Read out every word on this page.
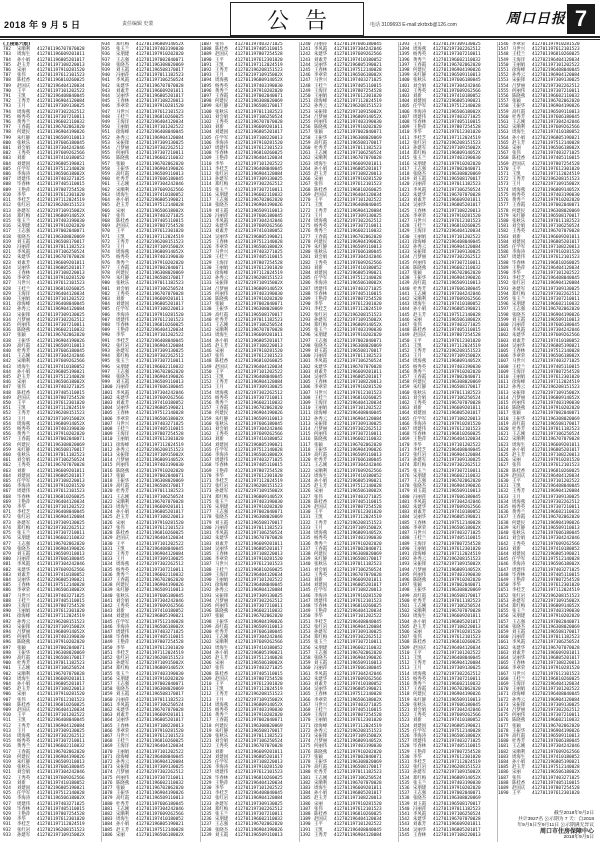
2018 年 9 月 5 日	责任编辑 史蒙	公告	电话 3109693 E-mail:zkrbxb@126.com	周口日报 7
(上接第六版)
782 宋顺利 412701196707070028
783 周海生 412701196609201011
784 孙小娟 412701196805201017
785 赵玉芳 412701197108220013
786 宋丽	412701197910281520
787 张伟	412701197612101523
788 陈桂香 412701196810260025
789 赵国庆 412702196404120034
790 王平	412701197101202522
791 王凯	412702196408040045
792 王秀芳 412701196904120084
793 王月	412701197309130025
794 周海燕 412702197302262512
795 杨秀英 412701197307210011
796 黄秀兰 412701196602110032
797 王春霞 412701196702062020
798 何建民 412701196904190026
799 朱红静 412701196509110013
800 张秋乐 412701197606180045
801 刘会娟 412701197304242046
802 王秀英 412701197609262566
803 刘新	412701197410180052
804 刘建国 412702196805190021
805 任学军 412701197512140028
806 李海涛 41270119650618002X
807 周建伟 412701197403271025
808 毕春林 412701197405110015
809 王艳萍 412701197807254528
810 李华	412701197612301020
811 李桂芝 412701197112024519
812 张红岩 412702196208151523
813 孙建军 41270219710915002X
814 郑红梅 41270119680914052X
815 张玉兰 412701197403190030
816 宋朋建 412701197910202020
817 王志强 412701197002040071
818 张晓杰 412701196308020069
819 刘玉霞 412701196508170017
820 冯丽萍 412701197011182523
821 李凤霞 412701197106250524
822 朱建华 412701196707070028
823 刘素芳 412701196609201011
824 吴丽华 412701196805201017
825 王春林 412701197108220013
826 李翠荣 412701197910281520
827 马世兴 412701197612101523
828 王桂兰 412701196810260025
829 王海洋 412702196404120034
830 王丽娟 412701197101202522
831 徐海峰 412702196408040045
832 孙秀云 412701196904120084
833 宋振锋 412701197309130025
834 吕梦丽 412702197302262512
835 何丽伟 412701197307210011
836 陈晓燕 412701196602110032
837 张颖	412701196702062020
838 王振华 412701196904190026
839 高红霞 412701196509110013
840 杜秀芳 412701197606180045
841 王志刚 412701197304242046
842 宋顺利 412701197609262566
843 周海生 412701197410180052
844 孙小娟 412702196805190021
845 赵玉芳 412701197512140028
846 宋丽	41270119650618002X
847 张伟	412701197403271025
848 陈桂香 412701197405110015
849 赵国庆 412701197807254528
850 王平	412701197612301020
851 王凯	412701197112024519
852 王秀芳 412702196208151523
853 王月	41270219710915002X
854 周海燕 41270119680914052X
855 杨秀英 412701197403190030
856 黄秀兰 412701197910202020
857 王春霞 412701197002040071
858 何建民 412701196308020069
859 朱红静 412701196508170017
860 张秋乐 412701197011182523
861 刘会娟 412701197106250524
862 王秀英 412701196707070028
863 刘新	412701196609201011
864 刘建国 412701196805201017
865 任学军 412701197108220013
866 李海涛 412701197910281520
867 周建伟 412701197612101523
868 毕春林 412701196810260025
869 王艳萍 412702196404120034
870 李华	412701197101202522
871 李桂芝 412702196408040045
872 张红岩 412701196904120084
873 孙建军 412701197309130025
874 郑红梅 412702197302262512
875 张玉兰 412701197307210011
876 宋朋建 412701196602110032
877 王志强 412701196702062020
878 张晓杰 412701196904190026
879 刘玉霞 412701196509110013
880 冯丽萍 412701197606180045
881 李凤霞 412701197304242046
882 朱建华 412701197609262566
883 刘素芳 412701197410180052
884 吴丽华 412702196805190021
885 王春林 412701197512140028
886 李翠荣 41270119650618002X
887 马世兴 412701197403271025
888 王桂兰 412701197405110015
889 王海洋 412701197807254528
890 王丽娟 412701197612301020
891 徐海峰 412701197112024519
892 孙秀云 412702196208151523
893 宋振锋 41270219710915002X
894 吕梦丽 41270119680914052X
895 何丽伟 412701197403190030
896 陈晓燕 412701197910202020
897 张颖	412701197002040071
898 王振华 412701196308020069
899 高红霞 412701196508170017
900 杜秀芳 412701197011182523
901 王志刚 412701197106250524
902 宋顺利 412701196707070028
903 周海生 412701196609201011
904 孙小娟 412701196805201017
905 赵玉芳 412701197108220013
906 宋丽	412701197910281520
907 张伟	412701197612101523
908 陈桂香 412701196810260025
909 赵国庆 412702196404120034
910 王平	412701197101202522
911 王凯	412702196408040045
912 王秀芳 412701196904120084
913 王月	412701197309130025
914 周海燕 412702197302262512
915 杨秀英 412701197307210011
916 黄秀兰 412701196602110032
917 王春霞 412701196702062020
918 何建民 412701196904190026
919 朱红静 412701196509110013
920 张秋乐 412701197606180045
921 刘会娟 412701197304242046
922 王秀英 412701197609262566
923 刘新	412701197410180052
924 刘建国 412702196805190021
925 任学军 412701197512140028
926 李海涛 41270119650618002X
927 周建伟 412701197403271025
928 毕春林 412701197405110015
929 王艳萍 412701197807254528
930 李华	412701197612301020
931 李桂芝 412701197112024519
932 张红岩 412702196208151523
933 孙建军 41270219710915002X
934 郑红梅 41270119680914052X
935 张玉兰 412701197403190030
936 宋朋建 412701197910202020
937 王志强 412701197002040071
938 张晓杰 412701196308020069
939 刘玉霞 412701196508170017
940 冯丽萍 412701197011182523
941 李凤霞 412701197106250524
942 朱建华 412701196707070028
943 刘素芳 412701196609201011
944 吴丽华 412701196805201017
945 王春林 412701197108220013
946 李翠荣 412701197910281520
947 马世兴 412701197612101523
948 王桂兰 412701196810260025
949 王海洋 412702196404120034
950 王丽娟 412701197101202522
951 徐海峰 412702196408040045
952 孙秀云 412701196904120084
953 宋振锋 412701197309130025
954 吕梦丽 412702197302262512
955 何丽伟 412701197307210011
956 陈晓燕 412701196602110032
957 张颖	412701196702062020
958 王振华 412701196904190026
959 高红霞 412701196509110013
960 杜秀芳 412701197606180045
961 王志刚 412701197304242046
962 宋顺利 412701197609262566
963 周海生 412701197410180052
964 孙小娟 412702196805190021
965 赵玉芳 412701197512140028
966 宋丽	41270119650618002X
967 张伟	412701197403271025
968 陈桂香 412701197405110015
969 赵国庆 412701197807254528
970 王平	412701197612301020
971 王凯	412701197112024519
972 王秀芳 412702196208151523
973 王月	41270219710915002X
974 周海燕 41270119680914052X
975 杨秀英 412701197403190030
976 黄秀兰 412701197910202020
977 王春霞 412701197002040071
978 何建民 412701196308020069
979 朱红静 412701196508170017
980 张秋乐 412701197011182523
981 刘会娟 412701197106250524
982 王秀英 412701196707070028
983 刘新	412701196609201011
984 刘建国 412701196805201017
985 任学军 412701197108220013
986 李海涛 412701197910281520
987 周建伟 412701197612101523
988 毕春林 412701196810260025
989 王艳萍 412702196404120034
990 李华	412701197101202522
991 李桂芝 412702196408040045
992 张红岩 412701196904120084
993 孙建军 412701197309130025
994 郑红梅 412702197302262512
995 张玉兰 412701197307210011
996 宋朋建 412701196602110032
997 王志强 412701196702062020
998 张晓杰 412701196904190026
999 刘玉霞 412701196509110013
1000 冯丽萍 412701197606180045
1001 李凤霞 412701197304242046
1002 朱建华 412701197609262566
1003 刘素芳 412701197410180052
1004 吴丽华 412702196805190021
1005 王春林 412701197512140028
1006 李翠荣 41270119650618002X
1007 马世兴 412701197403271025
1008 王桂兰 412701197405110015
1009 王海洋 412701197807254528
1010 王丽娟 412701197612301020
1011 徐海峰 412701197112024519
1012 孙秀云 412702196208151523
1013 宋振锋 41270219710915002X
1014 吕梦丽 41270119680914052X
1015 何丽伟 412701197403190030
1016 陈晓燕 412701197910202020
1017 张颖	412701197002040071
1018 王振华 412701196308020069
1019 高红霞 412701196508170017
1020 杜秀芳 412701197011182523
1021 王志刚 412701197106250524
1022 宋顺利 412701196707070028
1023 周海生 412701196609201011
1024 孙小娟 412701196805201017
1025 赵玉芳 412701197108220013
1026 宋丽	412701197910281520
1027 张伟	412701197612101523
1028 陈桂香 412701196810260025
1029 赵国庆 412702196404120034
1030 王平	412701197101202522
1031 王凯	412702196408040045
1032 王秀芳 412701196904120084
1033 王月	412701197309130025
1034 周海燕 412702197302262512
1035 杨秀英 412701197307210011
1036 黄秀兰 412701196602110032
1037 王春霞 412701196702062020
1038 何建民 412701196904190026
1039 朱红静 412701196509110013
1040 张秋乐 412701197606180045
1041 刘会娟 412701197304242046
1042 王秀英 412701197609262566
1043 刘新	412701197410180052
1044 刘建国 412702196805190021
1045 任学军 412701197512140028
1046 李海涛 41270119650618002X
1047 周建伟 412701197403271025
1048 毕春林 412701197405110015
1049 王艳萍 412701197807254528
1050 李华	412701197612301020
1051 李桂芝 412701197112024519
1052 张红岩 412702196208151523
1053 孙建军 41270219710915002X
1054 郑红梅 41270119680914052X
1055 张玉兰 412701197403190030
1056 宋朋建 412701197910202020
1057 王志强 412701197002040071
1058 张晓杰 412701196308020069
1059 刘玉霞 412701196508170017
1060 冯丽萍 412701197011182523
1061 李凤霞 412701197106250524
1062 朱建华 412701196707070028
1063 刘素芳 412701196609201011
1064 吴丽华 412701196805201017
1065 王春林 412701197108220013
1066 李翠荣 412701197910281520
1067 马世兴 412701197612101523
1068 王桂兰 412701196810260025
1069 王海洋 412702196404120034
1070 王丽娟 412701197101202522
1071 徐海峰 412702196408040045
1072 孙秀云 412701196904120084
1073 宋振锋 412701197309130025
1074 吕梦丽 412702197302262512
1075 何丽伟 412701197307210011
1076 陈晓燕 412701196602110032
1077 张颖	412701196702062020
1078 王振华 412701196904190026
1079 高红霞 412701196509110013
1080 杜秀芳 412701197606180045
1081 王志刚 412701197304242046
1082 宋顺利 412701197609262566
1083 周海生 412701197410180052
1084 孙小娟 412702196805190021
1085 赵玉芳 412701197512140028
1086 宋丽	41270119650618002X
1087 张伟	412701197403271025
1088 陈桂香 412701197405110015
1089 赵国庆 412701197807254528
1090 王平	412701197612301020
1091 王凯	412701197112024519
1092 王秀芳 412702196208151523
1093 王月	41270219710915002X
1094 周海燕 41270119680914052X
1095 杨秀英 412701197403190030
1096 黄秀兰 412701197910202020
1097 王春霞 412701197002040071
1098 何建民 412701196308020069
1099 朱红静 412701196508170017
1100 张秋乐 412701197011182523
1101 刘会娟 412701197106250524
1102 王秀英 412701196707070028
1103 刘新	412701196609201011
1104 刘建国 412701196805201017
1105 任学军 412701197108220013
1106 李海涛 412701197910281520
1107 周建伟 412701197612101523
1108 毕春林 412701196810260025
1109 王艳萍 412702196404120034
1110 李华	412701197101202522
1111 李桂芝 412702196408040045
1112 张红岩 412701196904120084
1113 孙建军 412701197309130025
1114 郑红梅 412702197302262512
1115 张玉兰 412701197307210011
1116 宋朋建 412701196602110032
1117 王志强 412701196702062020
1118 张晓杰 412701196904190026
1119 刘玉霞 412701196509110013
1120 冯丽萍 412701197606180045
1121 李凤霞 412701197304242046
1122 朱建华 412701197609262566
1123 刘素芳 412701197410180052
1124 吴丽华 412702196805190021
1125 王春林 412701197512140028
1126 李翠荣 41270119650618002X
1127 马世兴 412701197403271025
1128 王桂兰 412701197405110015
1129 王海洋 412701197807254528
1130 王丽娟 412701197612301020
1131 徐海峰 412701197112024519
1132 孙秀云 412702196208151523
1133 宋振锋 41270219710915002X
1134 吕梦丽 41270119680914052X
1135 何丽伟 412701197403190030
1136 陈晓燕 412701197910202020
1137 张颖	412701197002040071
1138 王振华 412701196308020069
1139 高红霞 412701196508170017
1140 杜秀芳 412701197011182523
1141 王志刚 412701197106250524
1142 宋顺利 412701196707070028
1143 周海生 412701196609201011
1144 孙小娟 412701196805201017
1145 赵玉芳 412701197108220013
1146 宋丽	412701197910281520
1147 张伟	412701197612101523
1148 陈桂香 412701196810260025
1149 赵国庆 412702196404120034
1150 王平	412701197101202522
1151 王凯	412702196408040045
1152 王秀芳 412701196904120084
1153 王月	412701197309130025
1154 周海燕 412702197302262512
1155 杨秀英 412701197307210011
1156 黄秀兰 412701196602110032
1157 王春霞 412701196702062020
1158 何建民 412701196904190026
1159 朱红静 412701196509110013
1160 张秋乐 412701197606180045
1161 刘会娟 412701197304242046
1162 王秀英 412701197609262566
1163 刘新	412701197410180052
1164 刘建国 412702196805190021
1165 任学军 412701197512140028
1166 李海涛 41270119650618002X
1167 周建伟 412701197403271025
1168 毕春林 412701197405110015
1169 王艳萍 412701197807254528
1170 李华	412701197612301020
1171 李桂芝 412701197112024519
1172 张红岩 412702196208151523
1173 孙建军 41270219710915002X
1174 郑红梅 41270119680914052X
1175 张玉兰 412701197403190030
1176 宋朋建 412701197910202020
1177 王志强 412701197002040071
1178 张晓杰 412701196308020069
1179 刘玉霞 412701196508170017
1180 冯丽萍 412701197011182523
1181 李凤霞 412701197106250524
1182 朱建华 412701196707070028
1183 刘素芳 412701196609201011
1184 吴丽华 412701196805201017
1185 王春林 412701197108220013
1186 李翠荣 412701197910281520
1187 马世兴 412701197612101523
1188 王桂兰 412701196810260025
1189 王海洋 412702196404120034
1190 王丽娟 412701197101202522
1191 徐海峰 412702196408040045
1192 孙秀云 412701196904120084
1193 宋振锋 412701197309130025
1194 吕梦丽 412702197302262512
1195 何丽伟 412701197307210011
1196 陈晓燕 412701196602110032
1197 张颖	412701196702062020
1198 王振华 412701196904190026
1199 高红霞 412701196509110013
1200 杜秀芳 412701197606180045
1201 王志刚 412701197304242046
1202 宋顺利 412701197609262566
1203 周海生 412701197410180052
1204 孙小娟 412702196805190021
1205 赵玉芳 412701197512140028
1206 宋丽	41270119650618002X
1207 张伟	412701197403271025
1208 陈桂香 412701197405110015
1209 赵国庆 412701197807254528
1210 王平	412701197612301020
1211 王凯	412701197112024519
1212 王秀芳 412702196208151523
1213 王月	41270219710915002X
1214 周海燕 41270119680914052X
1215 杨秀英 412701197403190030
1216 黄秀兰 412701197910202020
1217 王春霞 412701197002040071
1218 何建民 412701196308020069
1219 朱红静 412701196508170017
1220 张秋乐 412701197011182523
1221 刘会娟 412701197106250524
1222 王秀英 412701196707070028
1223 刘新	412701196609201011
1224 刘建国 412701196805201017
1225 任学军 412701197108220013
1226 李海涛 412701197910281520
1227 周建伟 412701197612101523
1228 毕春林 412701196810260025
1229 王艳萍 412702196404120034
1230 李华	412701197101202522
1231 李桂芝 412702196408040045
1232 张红岩 412701196904120084
1233 孙建军 412701197309130025
1234 郑红梅 412702197302262512
1235 张玉兰 412701197307210011
1236 宋朋建 412701196602110032
1237 王志强 412701196702062020
1238 张晓杰 412701196904190026
1239 刘玉霞 412701196509110013
1240 冯丽萍 412701197606180045
1241 李凤霞 412701197304242046
1242 朱建华 412701197609262566
1243 刘素芳 412701197410180052
1244 吴丽华 412702196805190021
1245 王春林 412701197512140028
1246 李翠荣 41270119650618002X
1247 马世兴 412701197403271025
1248 王桂兰 412701197405110015
1249 王海洋 412701197807254528
1250 王丽娟 412701197612301020
1251 徐海峰 412701197112024519
1252 孙秀云 412702196208151523
1253 宋振锋 41270219710915002X
1254 吕梦丽 41270119680914052X
1255 何丽伟 412701197403190030
1256 陈晓燕 412701197910202020
1257 张颖	412701197002040071
1258 王振华 412701196308020069
1259 高红霞 412701196508170017
1260 杜秀芳 412701197011182523
1261 王志刚 412701197106250524
1262 宋顺利 412701196707070028
1263 周海生 412701196609201011
1264 孙小娟 412701196805201017
1265 赵玉芳 412701197108220013
1266 宋丽	412701197910281520
1267 张伟	412701197612101523
1268 陈桂香 412701196810260025
1269 赵国庆 412702196404120034
1270 王平	412701197101202522
1271 王凯	412702196408040045
1272 王秀芳 412701196904120084
1273 王月	412701197309130025
1274 周海燕 412702197302262512
1275 杨秀英 412701197307210011
1276 黄秀兰 412701196602110032
1277 王春霞 412701196702062020
1278 何建民 412701196904190026
1279 朱红静 412701196509110013
1280 张秋乐 412701197606180045
1281 刘会娟 412701197304242046
1282 王秀英 412701197609262566
1283 刘新	412701197410180052
1284 刘建国 412702196805190021
1285 任学军 412701197512140028
1286 李海涛 41270119650618002X
1287 周建伟 412701197403271025
1288 毕春林 412701197405110015
1289 王艳萍 412701197807254528
1290 李华	412701197612301020
1291 李桂芝 412701197112024519
1292 张红岩 412702196208151523
1293 孙建军 41270219710915002X
1294 郑红梅 41270119680914052X
1295 张玉兰 412701197403190030
1296 宋朋建 412701197910202020
1297 王志强 412701197002040071
1298 张晓杰 412701196308020069
1299 刘玉霞 412701196508170017
1300 冯丽萍 412701197011182523
1301 李凤霞 412701197106250524
1302 朱建华 412701196707070028
1303 刘素芳 412701196609201011
1304 吴丽华 412701196805201017
1305 王春林 412701197108220013
1306 李翠荣 412701197910281520
1307 马世兴 412701197612101523
1308 王桂兰 412701196810260025
1309 王海洋 412702196404120034
1310 王丽娟 412701197101202522
1311 徐海峰 412702196408040045
1312 孙秀云 412701196904120084
1313 宋振锋 412701197309130025
1314 吕梦丽 412702197302262512
1315 何丽伟 412701197307210011
1316 陈晓燕 412701196602110032
1317 张颖	412701196702062020
1318 王振华 412701196904190026
1319 高红霞 412701196509110013
1320 杜秀芳 412701197606180045
1321 王志刚 412701197304242046
1322 宋顺利 412701197609262566
1323 周海生 412701197410180052
1324 孙小娟 412702196805190021
1325 赵玉芳 412701197512140028
1326 宋丽	41270119650618002X
1327 张伟	412701197403271025
1328 陈桂香 412701197405110015
1329 赵国庆 412701197807254528
1330 王平	412701197612301020
1331 王凯	412701197112024519
1332 王秀芳 412702196208151523
1333 王月	41270219710915002X
1334 周海燕 41270119680914052X
1335 杨秀英 412701197403190030
1336 黄秀兰 412701197910202020
1337 王春霞 412701197002040071
1338 何建民 412701196308020069
1339 朱红静 412701196508170017
1340 张秋乐 412701197011182523
1341 刘会娟 412701197106250524
1342 王秀英 412701196707070028
1343 刘新	412701196609201011
1344 刘建国 412701196805201017
1345 任学军 412701197108220013
1346 李海涛 412701197910281520
1347 周建伟 412701197612101523
1348 毕春林 412701196810260025
1349 王艳萍 412702196404120034
1350 李华	412701197101202522
1351 李桂芝 412702196408040045
1352 张红岩 412701196904120084
1353 孙建军 412701197309130025
1354 郑红梅 412702197302262512
1355 张玉兰 412701197307210011
1356 宋朋建 412701196602110032
1357 王志强 412701196702062020
1358 张晓杰 412701196904190026
1359 刘玉霞 412701196509110013
1360 冯丽萍 412701197606180045
1361 李凤霞 412701197304242046
1362 朱建华 412701197609262566
1363 刘素芳 412701197410180052
1364 吴丽华 412702196805190021
1365 王春林 412701197512140028
1366 李翠荣 41270119650618002X
1367 马世兴 412701197403271025
1368 王桂兰 412701197405110015
1369 王海洋 412701197807254528
1370 王丽娟 412701197612301020
1371 徐海峰 412701197112024519
1372 孙秀云 412702196208151523
1373 宋振锋 41270219710915002X
1374 吕梦丽 41270119680914052X
1375 何丽伟 412701197403190030
1376 陈晓燕 412701197910202020
1377 张颖	412701197002040071
1378 王振华 412701196308020069
1379 高红霞 412701196508170017
1380 杜秀芳 412701197011182523
1381 王志刚 412701197106250524
1382 宋顺利 412701196707070028
1383 周海生 412701196609201011
1384 孙小娟 412701196805201017
1385 赵玉芳 412701197108220013
1386 宋丽	412701197910281520
1387 张伟	412701197612101523
1388 陈桂香 412701196810260025
1389 赵国庆 412702196404120034
1390 王平	412701197101202522
1391 王凯	412702196408040045
1392 王秀芳 412701196904120084
1393 王月	412701197309130025
1394 周海燕 412702197302262512
1395 杨秀英 412701197307210011
1396 黄秀兰 412701196602110032
1397 王春霞 412701196702062020
1398 何建民 412701196904190026
1399 朱红静 412701196509110013
1400 张秋乐 412701197606180045
1401 刘会娟 412701197304242046
1402 王秀英 412701197609262566
1403 刘新	412701197410180052
1404 刘建国 412702196805190021
1405 任学军 412701197512140028
1406 李海涛 41270119650618002X
1407 周建伟 412701197403271025
1408 毕春林 412701197405110015
1409 王艳萍 412701197807254528
1410 李华	412701197612301020
1411 李桂芝 412701197112024519
1412 张红岩 412702196208151523
1413 孙建军 41270219710915002X
1414 郑红梅 41270119680914052X
1415 张玉兰 412701197403190030
1416 宋朋建 412701197910202020
1417 王志强 412701197002040071
1418 张晓杰 412701196308020069
1419 刘玉霞 412701196508170017
1420 冯丽萍 412701197011182523
1421 李凤霞 412701197106250524
1422 朱建华 412701196707070028
1423 刘素芳 412701196609201011
1424 吴丽华 412701196805201017
1425 王春林 412701197108220013
1426 李翠荣 412701197910281520
1427 马世兴 412701197612101523
1428 王桂兰 412701196810260025
1429 王海洋 412702196404120034
1430 王丽娟 412701197101202522
1431 徐海峰 412702196408040045
1432 孙秀云 412701196904120084
1433 宋振锋 412701197309130025
1434 吕梦丽 412702197302262512
1435 何丽伟 412701197307210011
1436 陈晓燕 412701196602110032
1437 张颖	412701196702062020
1438 王振华 412701196904190026
1439 高红霞 412701196509110013
1440 杜秀芳 412701197606180045
1441 王志刚 412701197304242046
1442 宋顺利 412701197609262566
1443 周海生 412701197410180052
1444 孙小娟 412702196805190021
1445 赵玉芳 412701197512140028
1446 宋丽	41270119650618002X
1447 张伟	412701197403271025
1448 陈桂香 412701197405110015
1449 赵国庆 412701197807254528
1450 王平	412701197612301020
1451 王凯	412701197112024519
1452 王秀芳 412702196208151523
1453 王月	41270219710915002X
1454 周海燕 41270119680914052X
1455 杨秀英 412701197403190030
1456 黄秀兰 412701197910202020
1457 王春霞 412701197002040071
1458 何建民 412701196308020069
1459 朱红静 412701196508170017
1460 张秋乐 412701197011182523
1461 刘会娟 412701197106250524
1462 王秀英 412701196707070028
1463 刘新	412701196609201011
1464 刘建国 412701196805201017
1465 任学军 412701197108220013
1466 李海涛 412701197910281520
1467 周建伟 412701197612101523
1468 毕春林 412701196810260025
1469 王艳萍 412702196404120034
1470 李华	412701197101202522
1471 李桂芝 412702196408040045
1472 张红岩 412701196904120084
1473 孙建军 412701197309130025
1474 郑红梅 412702197302262512
1475 张玉兰 412701197307210011
1476 宋朋建 412701196602110032
1477 王志强 412701196702062020
1478 张晓杰 412701196904190026
1479 刘玉霞 412701196509110013
1480 冯丽萍 412701197606180045
1481 李凤霞 412701197304242046
1482 朱建华 412701197609262566
1483 刘素芳 412701197410180052
1484 吴丽华 412702196805190021
1485 王春林 412701197512140028
1486 李翠荣 41270119650618002X
1487 马世兴 412701197403271025
1488 王桂兰 412701197405110015
1489 王海洋 412701197807254528
1490 王丽娟 412701197612301020
1491 徐海峰 412701197112024519
1492 孙秀云 412702196208151523
1493 宋振锋 41270219710915002X
1494 吕梦丽 41270119680914052X
1495 何丽伟 412701197403190030
1496 陈晓燕 412701197910202020
1497 张颖	412701197002040071
1498 王振华 412701196308020069
1499 高红霞 412701196508170017
1500 杜秀芳 412701197011182523
1501 王志刚 412701197106250524
1502 宋顺利 412701196707070028
1503 周海生 412701196609201011
1504 孙小娟 412701196805201017
1505 赵玉芳 412701197108220013
1506 宋丽	412701197910281520
1507 张伟	412701197612101523
1508 陈桂香 412701196810260025
1509 赵国庆 412702196404120034
1510 王平	412701197101202522
1511 王凯	412702196408040045
1512 王秀芳 412701196904120084
1513 王月	412701197309130025
1514 周海燕 412702197302262512
1515 杨秀英 412701197307210011
1516 黄秀兰 412701196602110032
1517 王春霞 412701196702062020
1518 何建民 412701196904190026
1519 朱红静 412701196509110013
1520 张秋乐 412701197606180045
1521 刘会娟 412701197304242046
1522 王秀英 412701197609262566
1523 刘新	412701197410180052
1524 刘建国 412702196805190021
1525 任学军 412701197512140028
1526 李海涛 41270119650618002X
1527 周建伟 412701197403271025
1528 毕春林 412701197405110015
1529 王艳萍 412701197807254528
1530 李华	412701197612301020
1531 李桂芝 412701197112024519
1532 张红岩 412702196208151523
1533 孙建军 41270219710915002X
1534 郑红梅 41270119680914052X
1535 张玉兰 412701197403190030
1536 宋朋建 412701197910202020
1537 王志强 412701197002040071
1538 张晓杰 412701196308020069
1539 刘玉霞 412701196508170017
1540 冯丽萍 412701197011182523
1541 李凤霞 412701197106250524
1542 朱建华 412701196707070028
1543 刘素芳 412701196609201011
1544 吴丽华 412701196805201017
1545 王春林 412701197108220013
1546 李翠荣 412701197910281520
1547 马世兴 412701197612101523
1548 王桂兰 412701196810260025
1549 王海洋 412702196404120034
1550 王丽娟 412701197101202522
1551 徐海峰 412702196408040045
1552 孙秀云 412701196904120084
1553 宋振锋 412701197309130025
1554 吕梦丽 412702197302262512
1555 何丽伟 412701197307210011
1556 陈晓燕 412701196602110032
1557 张颖	412701196702062020
1558 王振华 412701196904190026
1559 高红霞 412701196509110013
1560 杜秀芳 412701197606180045
1561 王志刚 412701197304242046
1562 宋顺利 412701197609262566
1563 周海生 412701197410180052
1564 孙小娟 412702196805190021
1565 赵玉芳 412701197512140028
1566 宋丽	41270119650618002X
1567 张伟	412701197403271025
1568 陈桂香 412701197405110015
1569 赵国庆 412701197807254528
1570 王平	412701197612301020
1571 王凯	412701197112024519
1572 王秀芳 412702196208151523
1573 王月	41270219710915002X
1574 周海燕 41270119680914052X
1575 杨秀英 412701197403190030
1576 黄秀兰 412701197910202020
1577 王春霞 412701197002040071
1578 何建民 412701196308020069
1579 朱红静 412701196508170017
1580 张秋乐 412701197011182523
1581 刘会娟 412701197106250524
1582 王秀英 412701196707070028
1583 刘新	412701196609201011
1584 刘建国 412701196805201017
1585 任学军 412701197108220013
1586 李海涛 412701197910281520
1587 周建伟 412701197612101523
1588 毕春林 412701196810260025
1589 王艳萍 412702196404120034
1590 李华	412701197101202522
1591 李桂芝 412702196408040045
1592 张红岩 412701196904120084
1593 孙建军 412701197309130025
1594 郑红梅 412702197302262512
1595 张玉兰 412701197307210011
1596 宋朋建 412701196602110032
1597 王志强 412701196702062020
1598 张晓杰 412701196904190026
1599 刘玉霞 412701196509110013
1600 冯丽萍 412701197606180045
1601 李凤霞 412701197304242046
1602 朱建华 412701197609262566
1603 刘素芳 412701197410180052
1604 吴丽华 412702196805190021
1605 王春林 412701197512140028
1606 李翠荣 41270119650618002X
1607 马世兴 412701197403271025
1608 王桂兰 412701197405110015
1609 王海洋 412701197807254528
1610 王丽娟 412701197612301020
1611 徐海峰 412701197112024519
1612 孙秀云 412702196208151523
1613 宋振锋 41270219710915002X
1614 吕梦丽 41270119680914052X
1615 何丽伟 412701197403190030
1616 陈晓燕 412701197910202020
1617 张颖	412701197002040071
1618 王振华 412701196308020069
1619 高红霞 412701196508170017
1620 杜秀芳 412701197011182523
1621 王志刚 412701197106250524
1622 宋顺利 412701196707070028
1623 周海生 412701196609201011
1624 孙小娟 412701196805201017
1625 赵玉芳 412701197108220013
1626 宋丽	412701197910281520
1627 张伟	412701197612101523
1628 陈桂香 412701196810260025
1629 赵国庆 412702196404120034
1630 王平	412701197101202522
1631 王凯	412702196408040045
1632 王秀芳 412701196904120084
1633 王月	412701197309130025
1634 周海燕 412702197302262512
1635 杨秀英 412701197307210011
1636 黄秀兰 412701196602110032
1637 王春霞 412701196702062020
1638 何建民 412701196904190026
1639 朱红静 412701196509110013
1640 张秋乐 412701197606180045
1641 刘会娟 412701197304242046
1642 王秀英 412701197609262566
1643 刘新	412701197410180052
1644 刘建国 412702196805190021
1645 任学军 412701197512140028
1646 李海涛 41270119650618002X
1647 周建伟 412701197403271025
1648 毕春林 412701197405110015
1649 王艳萍 412701197807254528
1650 李华	412701197612301020
1651 李桂芝 412701197112024519
1652 张红岩 412702196208151523
1653 孙建军 41270219710915002X
1654 郑红梅 41270119680914052X
1655 张玉兰 412701197403190030
1656 宋朋建 412701197910202020
1657 王志强 412701197002040071
1658 张晓杰 412701196308020069
1659 刘玉霞 412701196508170017
1660 冯丽萍 412701197011182523
1661 李凤霞 412701197106250524
1662 朱建华 412701196707070028
1663 刘素芳 412701196609201011
1664 吴丽华 412701196805201017
1665 王春林 412701197108220013
1666 李翠荣 412701197910281520
1667 马世兴 412701197612101523
1668 王桂兰 412701196810260025
1669 王海洋 412702196404120034
1670 王丽娟 412701197101202522
1671 徐海峰 412702196408040045
1672 孙秀云 412701196904120084
1673 宋振锋 412701197309130025
1674 吕梦丽 412702197302262512
1675 何丽伟 412701197307210011
1676 陈晓燕 412701196602110032
1677 张颖	412701196702062020
1678 王振华 412701196904190026
1679 高红霞 412701196509110013
1680 杜秀芳 412701197606180045
1681 王志刚 412701197304242046
1682 宋顺利 412701197609262566
1683 周海生 412701197410180052
1684 孙小娟 412702196805190021
1685 赵玉芳 412701197512140028
1686 宋丽	41270119650618002X
1687 张伟	412701197403271025
1688 陈桂香 412701197405110015
1689 赵国庆 412701197807254528
1690 王平	412701197612301020
截至2018年9月2日
共计3927名 公示期为 7 天：自2018
年9月5日至9月11日 公示期满无异议
周口市住房保障中心
2018年9月5日
